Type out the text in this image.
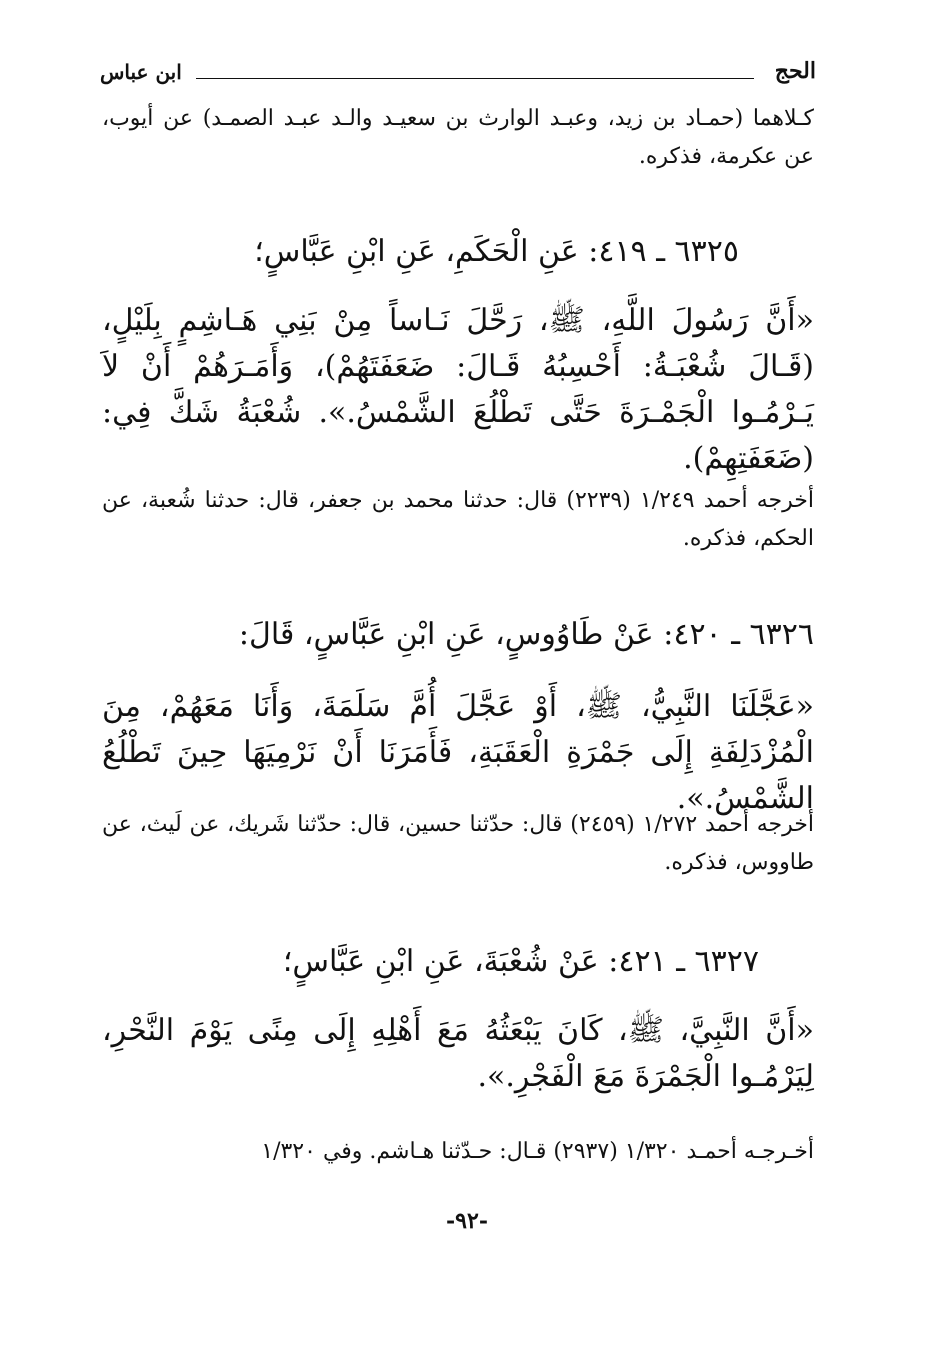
الحج
ابن عباس
كـلاهما (حمـاد بن زيد، وعبـد الوارث بن سعيـد والـد عبـد الصمـد) عن أيوب، عن عكرمة، فذكره.
٦٣٢٥ ـ ٤١٩: عَنِ الْحَكَمِ، عَنِ ابْنِ عَبَّاسٍ؛
«أَنَّ رَسُولَ اللَّهِ، ﷺ، رَحَّلَ نَـاساً مِنْ بَنِي هَـاشِمٍ بِلَيْلٍ، (قَـالَ شُعْبَـةُ: أَحْسِبُهُ قَـالَ: ضَعَفَتَهُمْ)، وَأَمَـرَهُمْ أَنْ لاَ يَـرْمُـوا الْجَمْـرَةَ حَتَّى تَطْلُعَ الشَّمْسُ.». شُعْبَةُ شَكَّ فِي: (ضَعَفَتِهِمْ).
أخرجه أحمد ١/٢٤٩ (٢٢٣٩) قال: حدثنا محمد بن جعفر، قال: حدثنا شُعبة، عن الحكم، فذكره.
٦٣٢٦ ـ ٤٢٠: عَنْ طَاوُوسٍ، عَنِ ابْنِ عَبَّاسٍ، قَالَ:
«عَجَّلَنَا النَّبِيُّ، ﷺ، أَوْ عَجَّلَ أُمَّ سَلَمَةَ، وَأَنَا مَعَهُمْ، مِنَ الْمُزْدَلِفَةِ إِلَى جَمْرَةِ الْعَقَبَةِ، فَأَمَرَنَا أَنْ نَرْمِيَهَا حِينَ تَطْلُعُ الشَّمْسُ.».
أخرجه أحمد ١/٢٧٢ (٢٤٥٩) قال: حدّثنا حسين، قال: حدّثنا شَريك، عن لَيث، عن طاووس، فذكره.
٦٣٢٧ ـ ٤٢١: عَنْ شُعْبَةَ، عَنِ ابْنِ عَبَّاسٍ؛
«أَنَّ النَّبِيَّ، ﷺ، كَانَ يَبْعَثُهُ مَعَ أَهْلِهِ إِلَى مِنًى يَوْمَ النَّحْرِ، لِيَرْمُـوا الْجَمْرَةَ مَعَ الْفَجْرِ.».
أخـرجـه أحمـد ١/٣٢٠ (٢٩٣٧) قـال: حـدّثنا هـاشم. وفي ١/٣٢٠
-٩٢-
